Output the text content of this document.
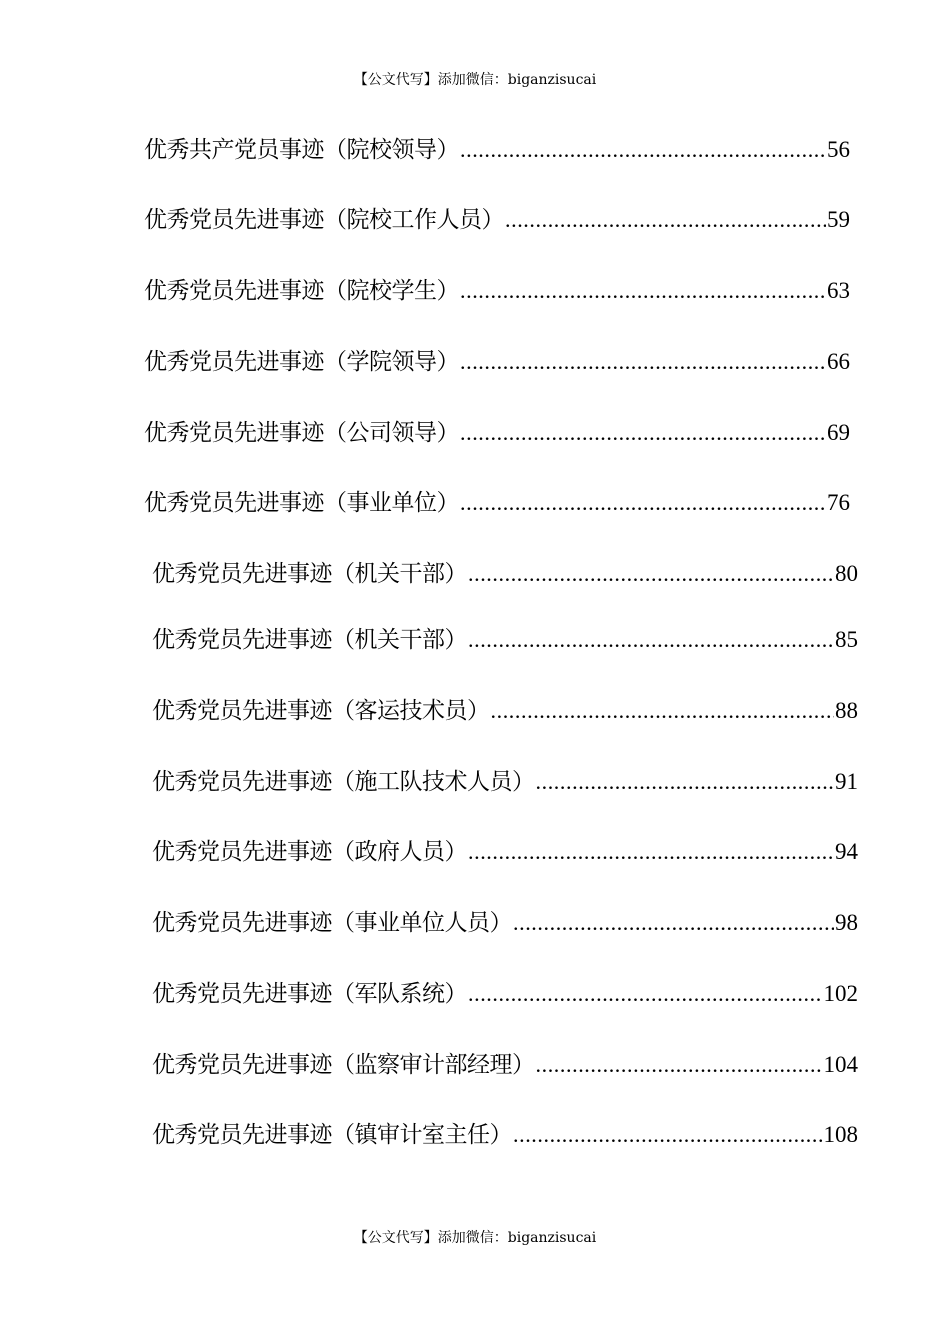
【公文代写】添加微信：biganzisucai
优秀共产党员事迹（院校领导） .....	56
优秀党员先进事迹（院校工作人员） .....	59
优秀党员先进事迹（院校学生） .....	63
优秀党员先进事迹（学院领导） .....	66
优秀党员先进事迹（公司领导） .....	69
优秀党员先进事迹（事业单位） .....	76
优秀党员先进事迹（机关干部） .....	80
优秀党员先进事迹（机关干部） .....	85
优秀党员先进事迹（客运技术员） .....	88
优秀党员先进事迹（施工队技术人员） .....	91
优秀党员先进事迹（政府人员） .....	94
优秀党员先进事迹（事业单位人员） .....	98
优秀党员先进事迹（军队系统） .....	102
优秀党员先进事迹（监察审计部经理） .....	104
优秀党员先进事迹（镇审计室主任） .....	108
【公文代写】添加微信：biganzisucai
